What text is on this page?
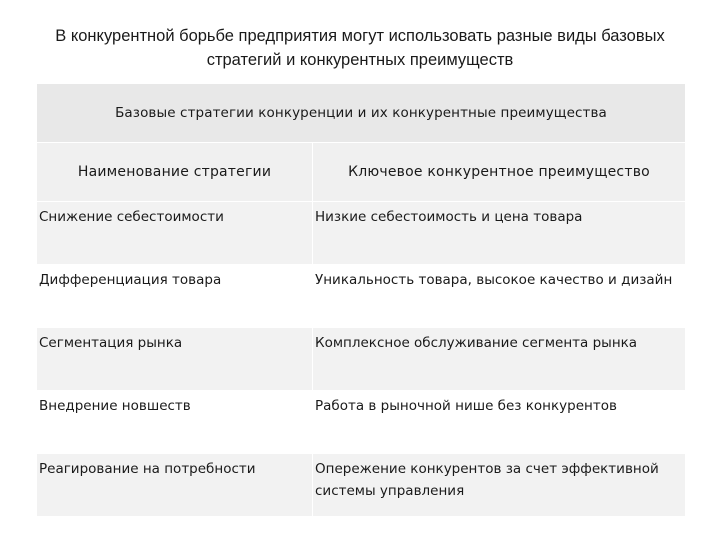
В конкурентной борьбе предприятия могут использовать разные виды базовых стратегий и конкурентных преимуществ
Базовые стратегии конкуренции и их конкурентные преимущества	
Наименование стратегии	Ключевое конкурентное преимущество
Снижение себестоимости	Низкие себестоимость и цена товара
Дифференциация товара	Уникальность товара, высокое качество и дизайн
Сегментация рынка	Комплексное обслуживание сегмента рынка
Внедрение новшеств	Работа в рыночной нише без конкурентов
Реагирование на потребности	Опережение конкурентов за счет эффективной системы управления
